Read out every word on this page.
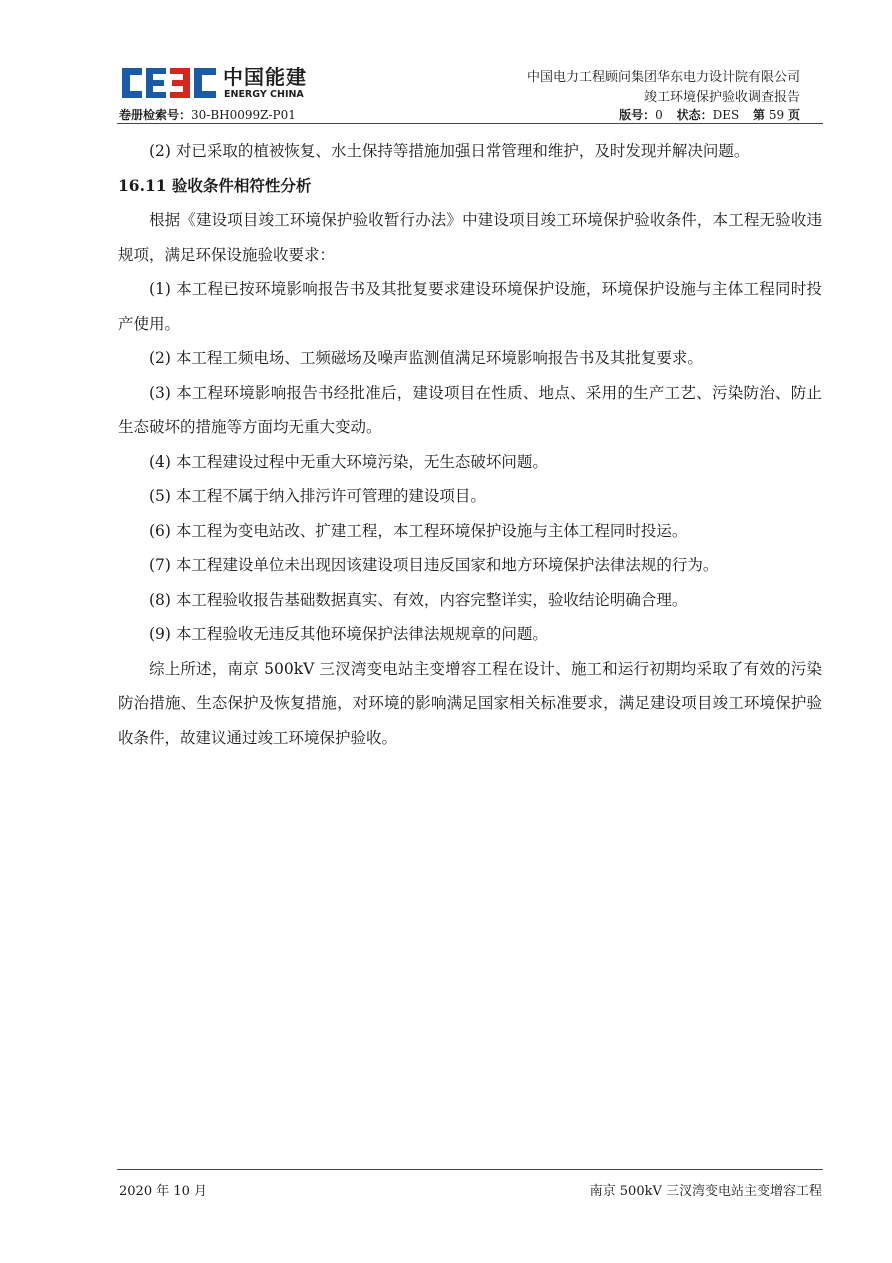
中国能建
ENERGY CHINA
中国电力工程顾问集团华东电力设计院有限公司
竣工环境保护验收调查报告
卷册检索号：30-BH0099Z-P01	版号：0 状态：DES 第 59 页

(2) 对已采取的植被恢复、水土保持等措施加强日常管理和维护，及时发现并解决问题。

16.11 验收条件相符性分析

根据《建设项目竣工环境保护验收暂行办法》中建设项目竣工环境保护验收条件，本工程无验收违规项，满足环保设施验收要求：

(1) 本工程已按环境影响报告书及其批复要求建设环境保护设施，环境保护设施与主体工程同时投产使用。

(2) 本工程工频电场、工频磁场及噪声监测值满足环境影响报告书及其批复要求。

(3) 本工程环境影响报告书经批准后，建设项目在性质、地点、采用的生产工艺、污染防治、防止生态破坏的措施等方面均无重大变动。

(4) 本工程建设过程中无重大环境污染，无生态破坏问题。

(5) 本工程不属于纳入排污许可管理的建设项目。

(6) 本工程为变电站改、扩建工程，本工程环境保护设施与主体工程同时投运。

(7) 本工程建设单位未出现因该建设项目违反国家和地方环境保护法律法规的行为。

(8) 本工程验收报告基础数据真实、有效，内容完整详实，验收结论明确合理。

(9) 本工程验收无违反其他环境保护法律法规规章的问题。

综上所述，南京 500kV 三汊湾变电站主变增容工程在设计、施工和运行初期均采取了有效的污染防治措施、生态保护及恢复措施，对环境的影响满足国家相关标准要求，满足建设项目竣工环境保护验收条件，故建议通过竣工环境保护验收。

2020 年 10 月	南京 500kV 三汊湾变电站主变增容工程
